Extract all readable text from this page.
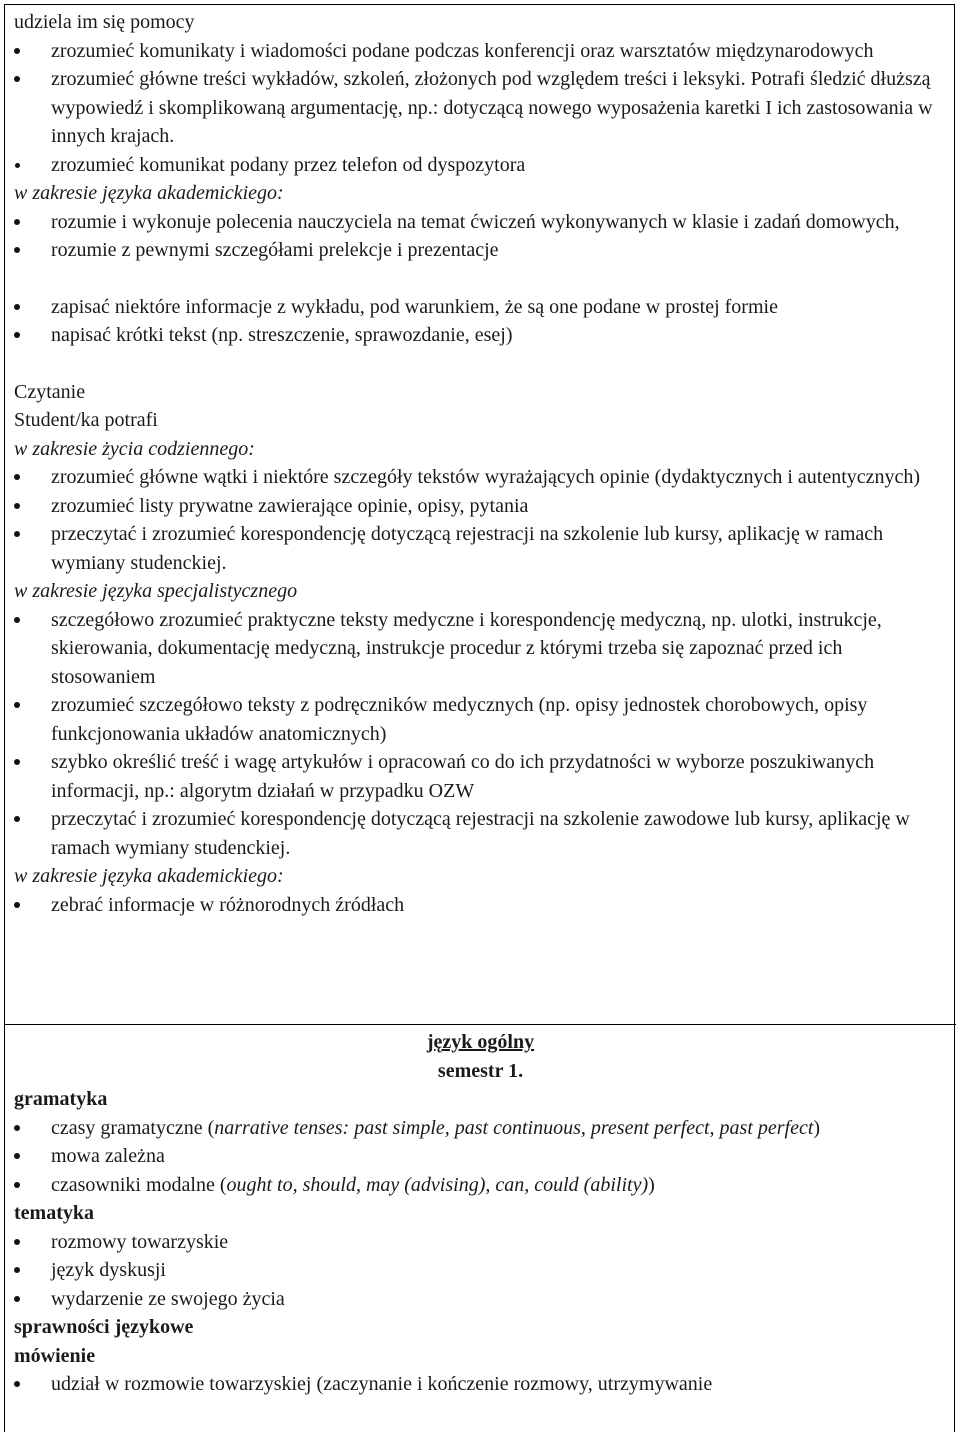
udziela im się pomocy
zrozumieć komunikaty i wiadomości podane podczas konferencji oraz warsztatów międzynarodowych
zrozumieć główne treści wykładów, szkoleń, złożonych pod względem treści i leksyki. Potrafi śledzić dłuższą wypowiedź i skomplikowaną argumentację, np.: dotyczącą nowego wyposażenia karetki I ich zastosowania w innych krajach.
zrozumieć komunikat podany przez telefon od dyspozytora
w zakresie języka akademickiego:
rozumie i wykonuje polecenia nauczyciela na temat ćwiczeń wykonywanych w klasie i zadań domowych,
rozumie z pewnymi szczegółami prelekcje i prezentacje
zapisać niektóre informacje z wykładu, pod warunkiem, że są one podane w prostej formie
napisać krótki tekst (np. streszczenie, sprawozdanie, esej)
Czytanie
Student/ka potrafi
w zakresie życia codziennego:
zrozumieć główne wątki i niektóre szczegóły tekstów wyrażających opinie (dydaktycznych i autentycznych)
zrozumieć listy prywatne zawierające opinie, opisy, pytania
przeczytać i zrozumieć korespondencję dotyczącą rejestracji na szkolenie lub kursy, aplikację w ramach wymiany studenckiej.
w zakresie języka specjalistycznego
szczegółowo zrozumieć praktyczne teksty medyczne i korespondencję medyczną, np. ulotki, instrukcje, skierowania, dokumentację medyczną, instrukcje procedur z którymi trzeba się zapoznać przed ich stosowaniem
zrozumieć szczegółowo teksty z podręczników medycznych (np. opisy jednostek chorobowych, opisy funkcjonowania układów anatomicznych)
szybko określić treść i wagę artykułów i opracowań co do ich przydatności w wyborze poszukiwanych informacji, np.: algorytm działań w przypadku OZW
przeczytać i zrozumieć korespondencję dotyczącą rejestracji na szkolenie zawodowe lub kursy, aplikację w ramach wymiany studenckiej.
w zakresie języka akademickiego:
zebrać informacje w różnorodnych źródłach
język ogólny
semestr 1.
gramatyka
czasy gramatyczne (narrative tenses: past simple, past continuous, present perfect, past perfect)
mowa zależna
czasowniki modalne (ought to, should, may (advising), can, could (ability))
tematyka
rozmowy towarzyskie
język dyskusji
wydarzenie ze swojego życia
sprawności językowe
mówienie
udział w rozmowie towarzyskiej (zaczynanie i kończenie rozmowy, utrzymywanie
